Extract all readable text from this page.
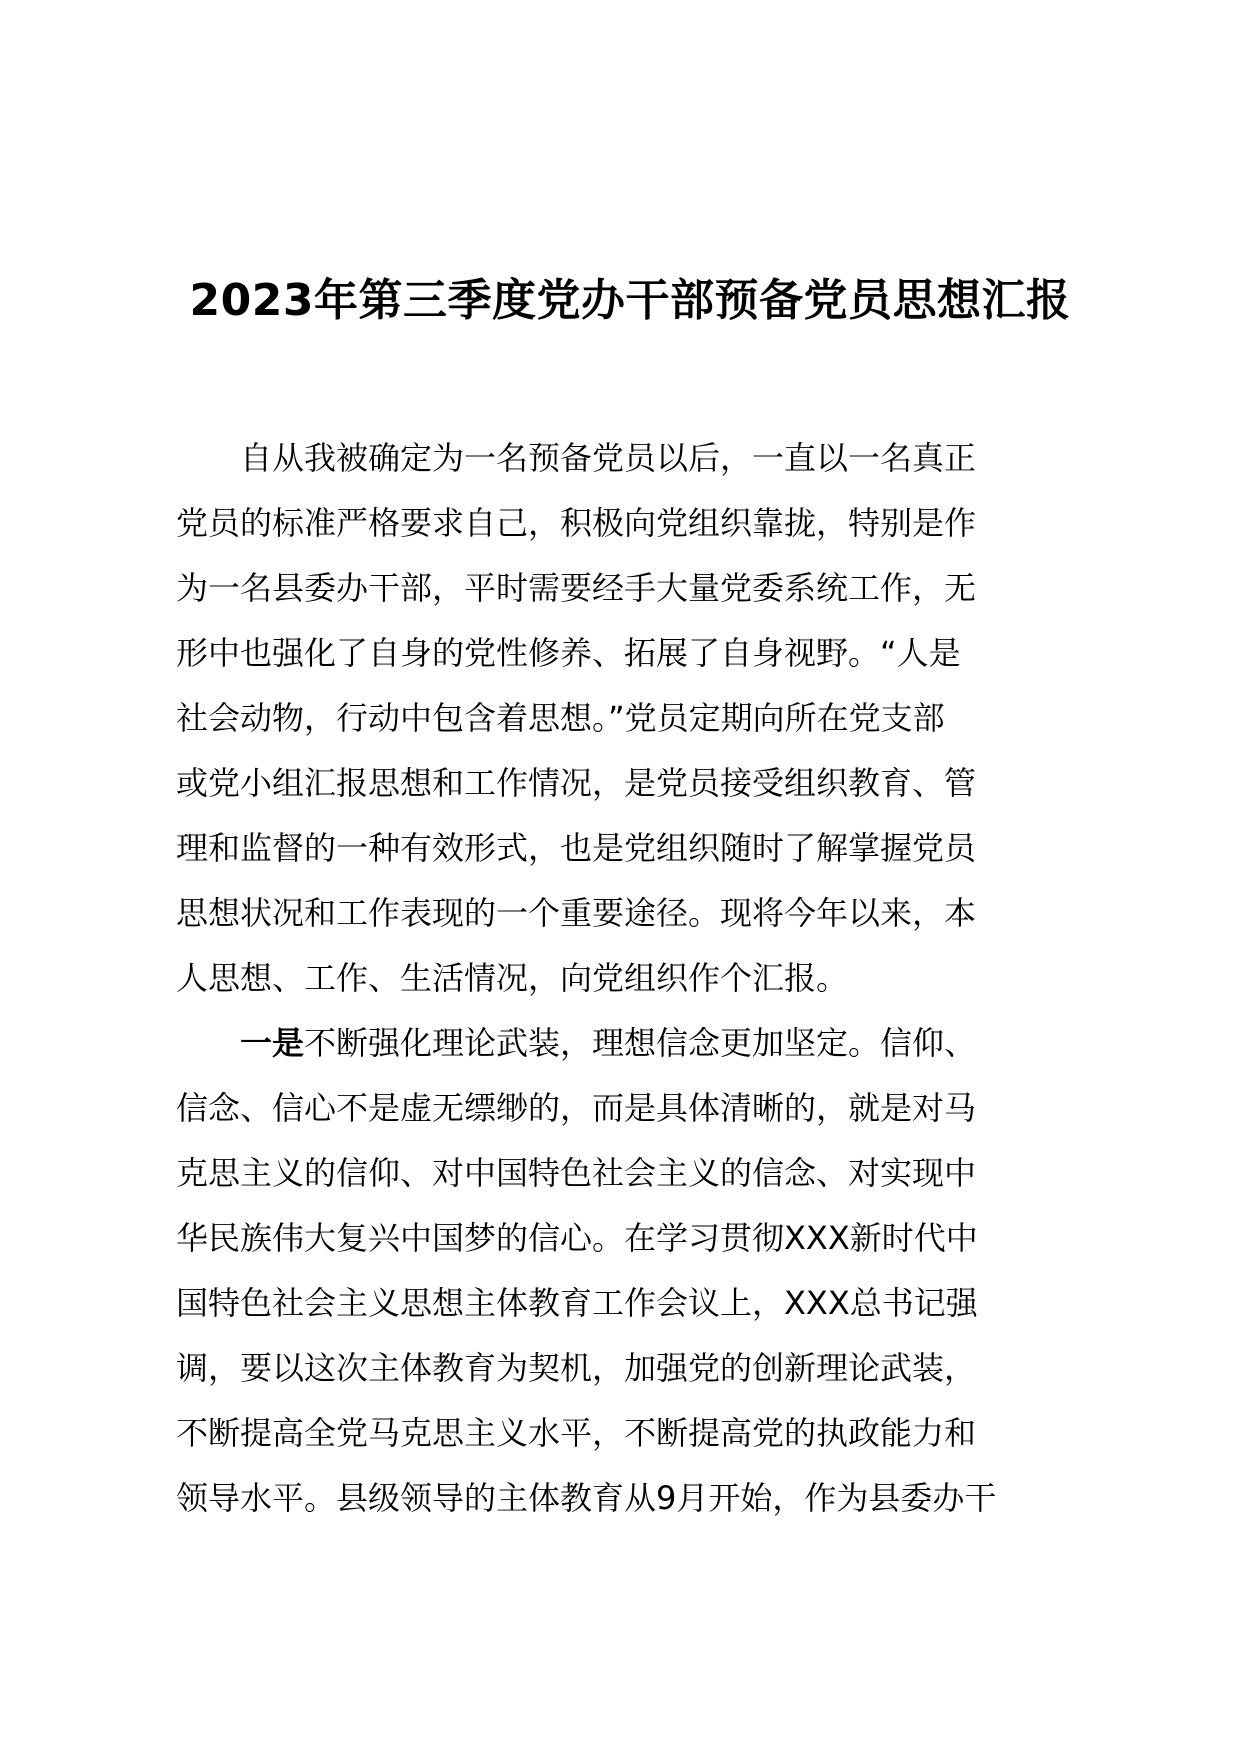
2023年第三季度党办干部预备党员思想汇报
自从我被确定为一名预备党员以后，一直以一名真正
党员的标准严格要求自己，积极向党组织靠拢，特别是作
为一名县委办干部，平时需要经手大量党委系统工作，无
形中也强化了自身的党性修养、拓展了自身视野。“人是
社会动物，行动中包含着思想。”党员定期向所在党支部
或党小组汇报思想和工作情况，是党员接受组织教育、管
理和监督的一种有效形式，也是党组织随时了解掌握党员
思想状况和工作表现的一个重要途径。现将今年以来，本
人思想、工作、生活情况，向党组织作个汇报。
一是不断强化理论武装，理想信念更加坚定。信仰、
信念、信心不是虚无缥缈的，而是具体清晰的，就是对马
克思主义的信仰、对中国特色社会主义的信念、对实现中
华民族伟大复兴中国梦的信心。在学习贯彻XXX新时代中
国特色社会主义思想主体教育工作会议上，XXX总书记强
调，要以这次主体教育为契机，加强党的创新理论武装，
不断提高全党马克思主义水平，不断提高党的执政能力和
领导水平。县级领导的主体教育从9月开始，作为县委办干
